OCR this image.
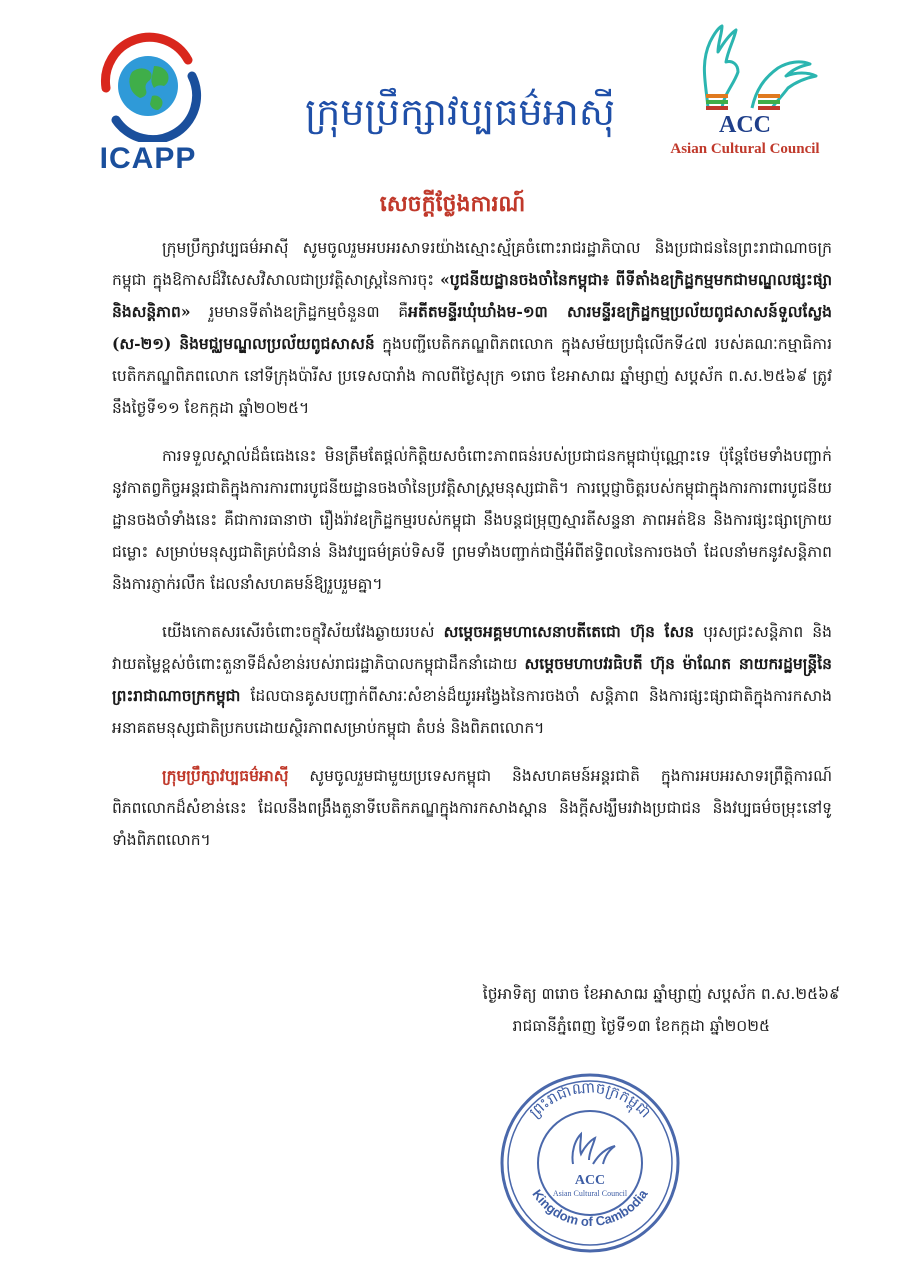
ICAPP
ក្រុមប្រឹក្សាវប្បធម៌អាស៊ី	ACC
Asian Cultural Council
សេចក្តីថ្លែងការណ៍

ក្រុមប្រឹក្សាវប្បធម៌អាស៊ី សូមចូលរួមអបអរសាទរយ៉ាងស្មោះស្ម័គ្រចំពោះរាជរដ្ឋាភិបាល និងប្រជាជននៃព្រះរាជាណាចក្រកម្ពុជា ក្នុងឱកាសដ៏វិសេសវិសាលជាប្រវត្តិសាស្ត្រនៃការចុះ «បូជនីយដ្ឋានចងចាំនៃកម្ពុជា៖ ពីទីតាំងឧក្រិដ្ឋកម្មមកជាមណ្ឌលផ្សះផ្សា និងសន្តិភាព» រួមមានទីតាំងឧក្រិដ្ឋកម្មចំនួន៣ គឺអតីតមន្ទីរឃុំឃាំងម-១៣ សារមន្ទីរឧក្រិដ្ឋកម្មប្រល័យពូជសាសន៍ទួលស្លែង (ស-២១) និងមជ្ឈមណ្ឌលប្រល័យពូជសាសន៍ ក្នុងបញ្ជីបេតិកភណ្ឌពិភពលោក ក្នុងសម័យប្រជុំលើកទី៤៧ របស់គណៈកម្មាធិការបេតិកភណ្ឌពិភពលោក នៅទីក្រុងប៉ារីស ប្រទេសបារាំង កាលពីថ្ងៃសុក្រ ១រោច ខែអាសាឍ ឆ្នាំម្សាញ់ សប្តស័ក ព.ស.២៥៦៩ ត្រូវនឹងថ្ងៃទី១១ ខែកក្កដា ឆ្នាំ២០២៥។

ការទទួលស្គាល់ដ៏ធំធេងនេះ មិនត្រឹមតែផ្តល់កិត្តិយសចំពោះភាពធន់របស់ប្រជាជនកម្ពុជាប៉ុណ្ណោះទេ ប៉ុន្តែថែមទាំងបញ្ជាក់នូវកាតព្វកិច្ចអន្តរជាតិក្នុងការការពារបូជនីយដ្ឋានចងចាំនៃប្រវត្តិសាស្ត្រមនុស្សជាតិ។ ការប្តេជ្ញាចិត្តរបស់កម្ពុជាក្នុងការការពារបូជនីយដ្ឋានចងចាំទាំងនេះ គឺជាការធានាថា រឿងរ៉ាវឧក្រិដ្ឋកម្មរបស់កម្ពុជា នឹងបន្តជម្រុញស្មារតីសន្ទនា ភាពអត់ឱន និងការផ្សះផ្សាក្រោយជម្លោះ សម្រាប់មនុស្សជាតិគ្រប់ជំនាន់ និងវប្បធម៌គ្រប់ទិសទី ព្រមទាំងបញ្ជាក់ជាថ្មីអំពីឥទ្ធិពលនៃការចងចាំ ដែលនាំមកនូវសន្តិភាព និងការភ្ញាក់រលឹក ដែលនាំសហគមន៍ឱ្យរួបរួមគ្នា។

យើងកោតសរសើរចំពោះចក្ខុវិស័យវែងឆ្ងាយរបស់ សម្តេចអគ្គមហាសេនាបតីតេជោ ហ៊ុន សែន បុរសជ្រះសន្តិភាព និងវាយតម្លៃខ្ពស់ចំពោះតួនាទីដ៏សំខាន់របស់រាជរដ្ឋាភិបាលកម្ពុជាដឹកនាំដោយ សម្តេចមហាបវរធិបតី ហ៊ុន ម៉ាណែត នាយករដ្ឋមន្ត្រីនៃព្រះរាជាណាចក្រកម្ពុជា ដែលបានគូសបញ្ជាក់ពីសារៈសំខាន់ដ៏យូរអង្វែងនៃការចងចាំ សន្តិភាព និងការផ្សះផ្សាជាតិក្នុងការកសាងអនាគតមនុស្សជាតិប្រកបដោយស្ថិរភាពសម្រាប់កម្ពុជា តំបន់ និងពិភពលោក។

ក្រុមប្រឹក្សាវប្បធម៌អាស៊ី សូមចូលរួមជាមួយប្រទេសកម្ពុជា និងសហគមន៍អន្តរជាតិ ក្នុងការអបអរសាទរព្រឹត្តិការណ៍ពិភពលោកដ៏សំខាន់នេះ ដែលនឹងពង្រឹងតួនាទីបេតិកភណ្ឌក្នុងការកសាងស្ពាន និងក្តីសង្ឃឹមរវាងប្រជាជន និងវប្បធម៌ចម្រុះនៅទូទាំងពិភពលោក។

ថ្ងៃអាទិត្យ ៣រោច ខែអាសាឍ ឆ្នាំម្សាញ់ សប្តស័ក ព.ស.២៥៦៩
រាជធានីភ្នំពេញ ថ្ងៃទី១៣ ខែកក្កដា ឆ្នាំ២០២៥
ព្រះរាជាណាចក្រកម្ពុជា
Kingdom of Cambodia
ACC
Asian Cultural Council
